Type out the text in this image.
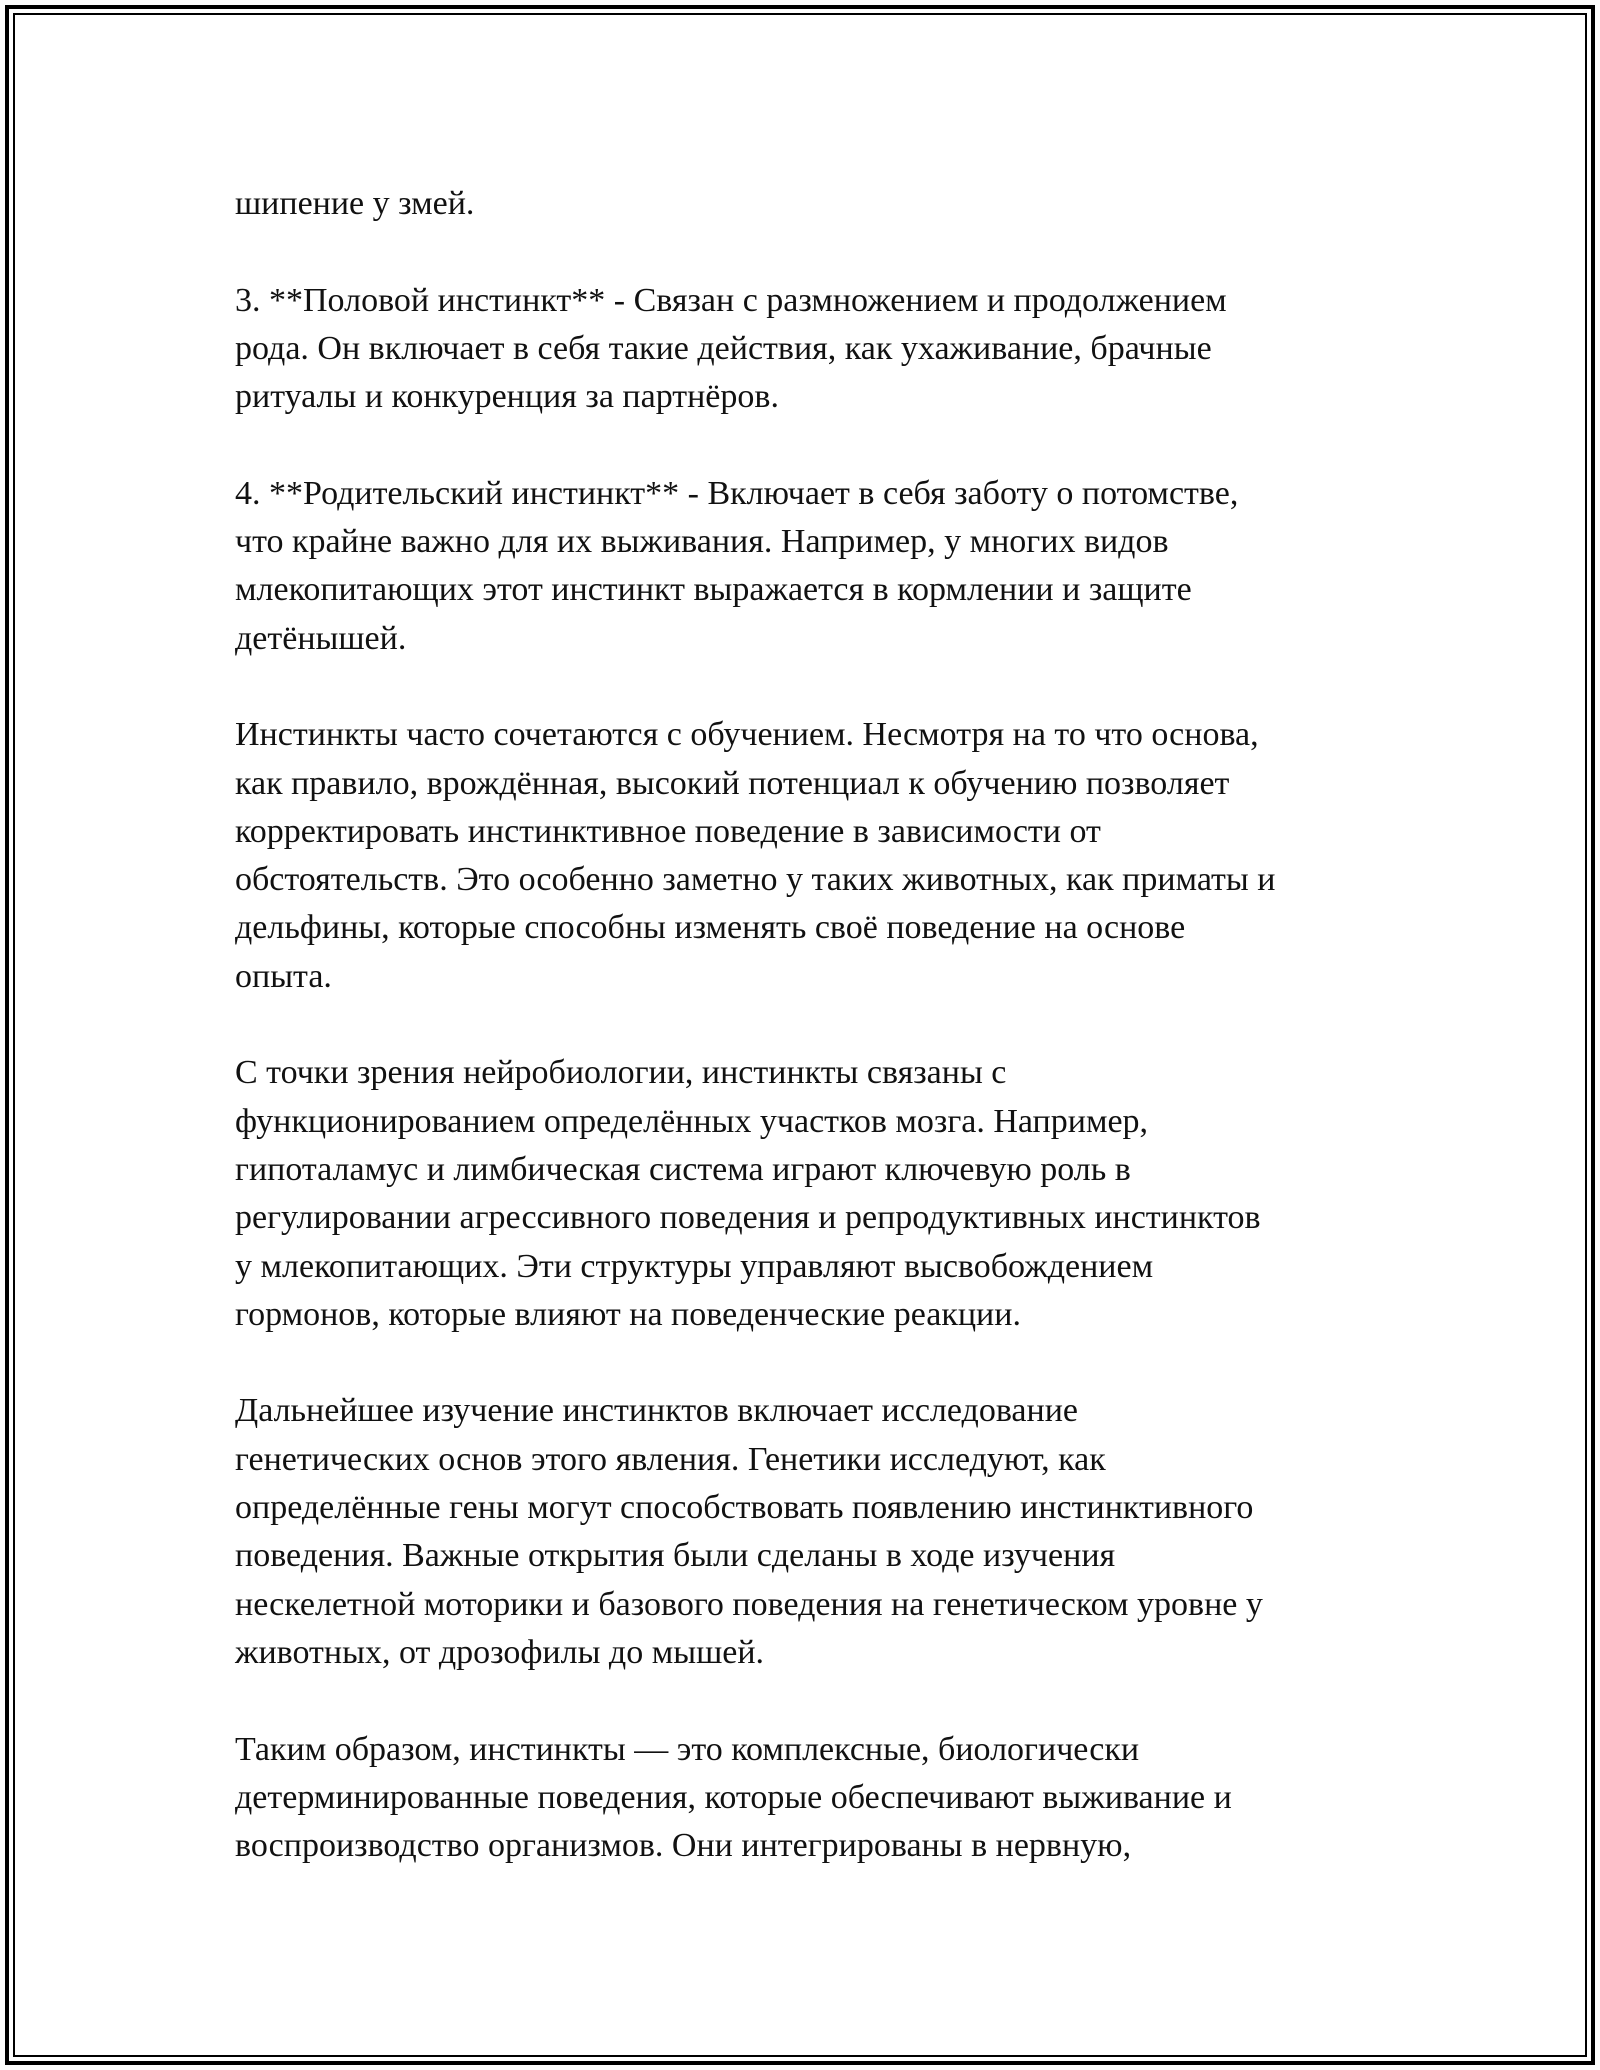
шипение у змей.

3. **Половой инстинкт** - Связан с размножением и продолжением
рода. Он включает в себя такие действия, как ухаживание, брачные
ритуалы и конкуренция за партнёров.

4. **Родительский инстинкт** - Включает в себя заботу о потомстве,
что крайне важно для их выживания. Например, у многих видов
млекопитающих этот инстинкт выражается в кормлении и защите
детёнышей.

Инстинкты часто сочетаются с обучением. Несмотря на то что основа,
как правило, врождённая, высокий потенциал к обучению позволяет
корректировать инстинктивное поведение в зависимости от
обстоятельств. Это особенно заметно у таких животных, как приматы и
дельфины, которые способны изменять своё поведение на основе
опыта.

С точки зрения нейробиологии, инстинкты связаны с
функционированием определённых участков мозга. Например,
гипоталамус и лимбическая система играют ключевую роль в
регулировании агрессивного поведения и репродуктивных инстинктов
у млекопитающих. Эти структуры управляют высвобождением
гормонов, которые влияют на поведенческие реакции.

Дальнейшее изучение инстинктов включает исследование
генетических основ этого явления. Генетики исследуют, как
определённые гены могут способствовать появлению инстинктивного
поведения. Важные открытия были сделаны в ходе изучения
нескелетной моторики и базового поведения на генетическом уровне у
животных, от дрозофилы до мышей.

Таким образом, инстинкты — это комплексные, биологически
детерминированные поведения, которые обеспечивают выживание и
воспроизводство организмов. Они интегрированы в нервную,
